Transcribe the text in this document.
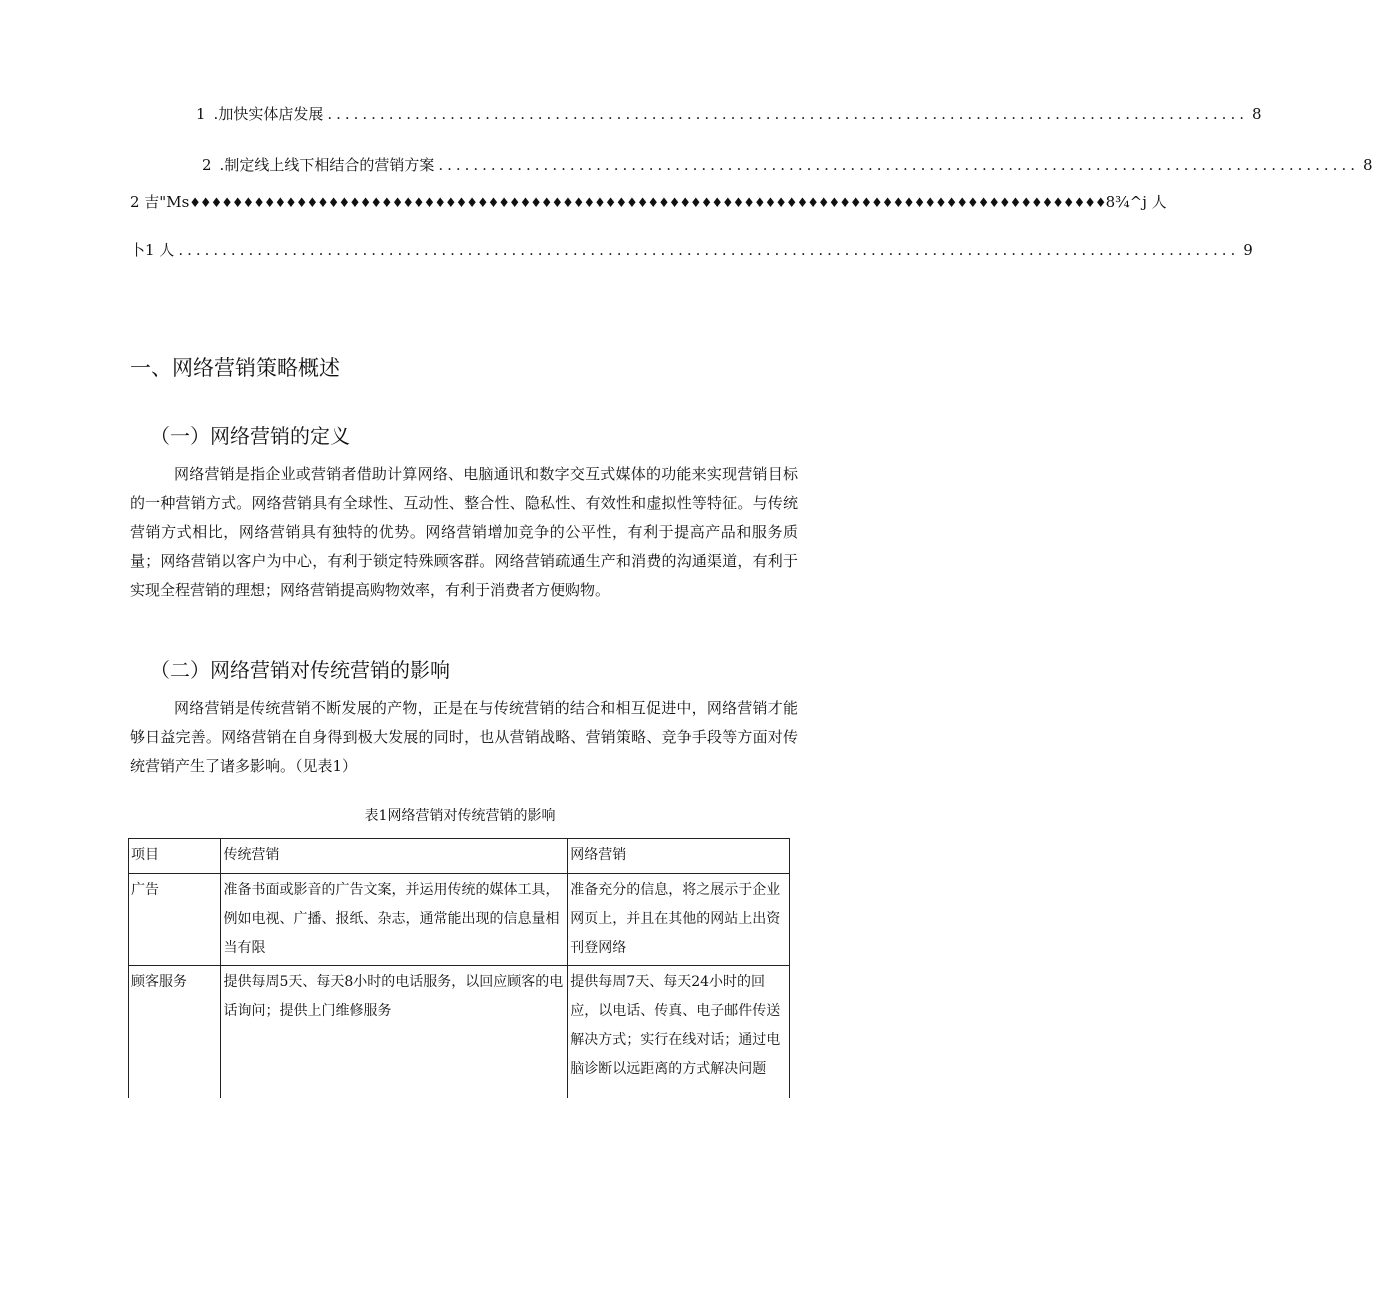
1 .加快实体店发展 ......................................................................................................... 8
2 .制定线上线下相结合的营销方案 ......................................................................................................... 8
2 吉"Ms ♦♦♦♦♦♦♦♦♦♦♦♦♦♦♦♦♦♦♦♦♦♦♦♦♦♦♦♦♦♦♦♦♦♦♦♦♦♦♦♦♦♦♦♦♦♦♦♦♦♦♦♦♦♦♦♦♦♦♦♦♦♦♦♦♦♦♦♦♦♦♦♦♦♦♦♦♦♦♦♦♦♦♦♦♦♦ 8¾^j 人
卜1 人 ......................................................................................................................... 9
一、网络营销策略概述
（一）网络营销的定义
网络营销是指企业或营销者借助计算网络、电脑通讯和数字交互式媒体的功能来实现营销目标的一种营销方式。网络营销具有全球性、互动性、整合性、隐私性、有效性和虚拟性等特征。与传统营销方式相比，网络营销具有独特的优势。网络营销增加竞争的公平性，有利于提高产品和服务质量；网络营销以客户为中心，有利于锁定特殊顾客群。网络营销疏通生产和消费的沟通渠道，有利于实现全程营销的理想；网络营销提高购物效率，有利于消费者方便购物。
（二）网络营销对传统营销的影响
网络营销是传统营销不断发展的产物，正是在与传统营销的结合和相互促进中，网络营销才能够日益完善。网络营销在自身得到极大发展的同时，也从营销战略、营销策略、竞争手段等方面对传统营销产生了诸多影响。（见表1）
表1网络营销对传统营销的影响
项目	传统营销	网络营销
广告	准备书面或影音的广告文案，并运用传统的媒体工具，例如电视、广播、报纸、杂志，通常能出现的信息量相当有限	准备充分的信息，将之展示于企业网页上，并且在其他的网站上出资刊登网络
顾客服务	提供每周5天、每天8小时的电话服务，以回应顾客的电话询问；提供上门维修服务	提供每周7天、每天24小时的回应，以电话、传真、电子邮件传送解决方式；实行在线对话；通过电脑诊断以远距离的方式解决问题
